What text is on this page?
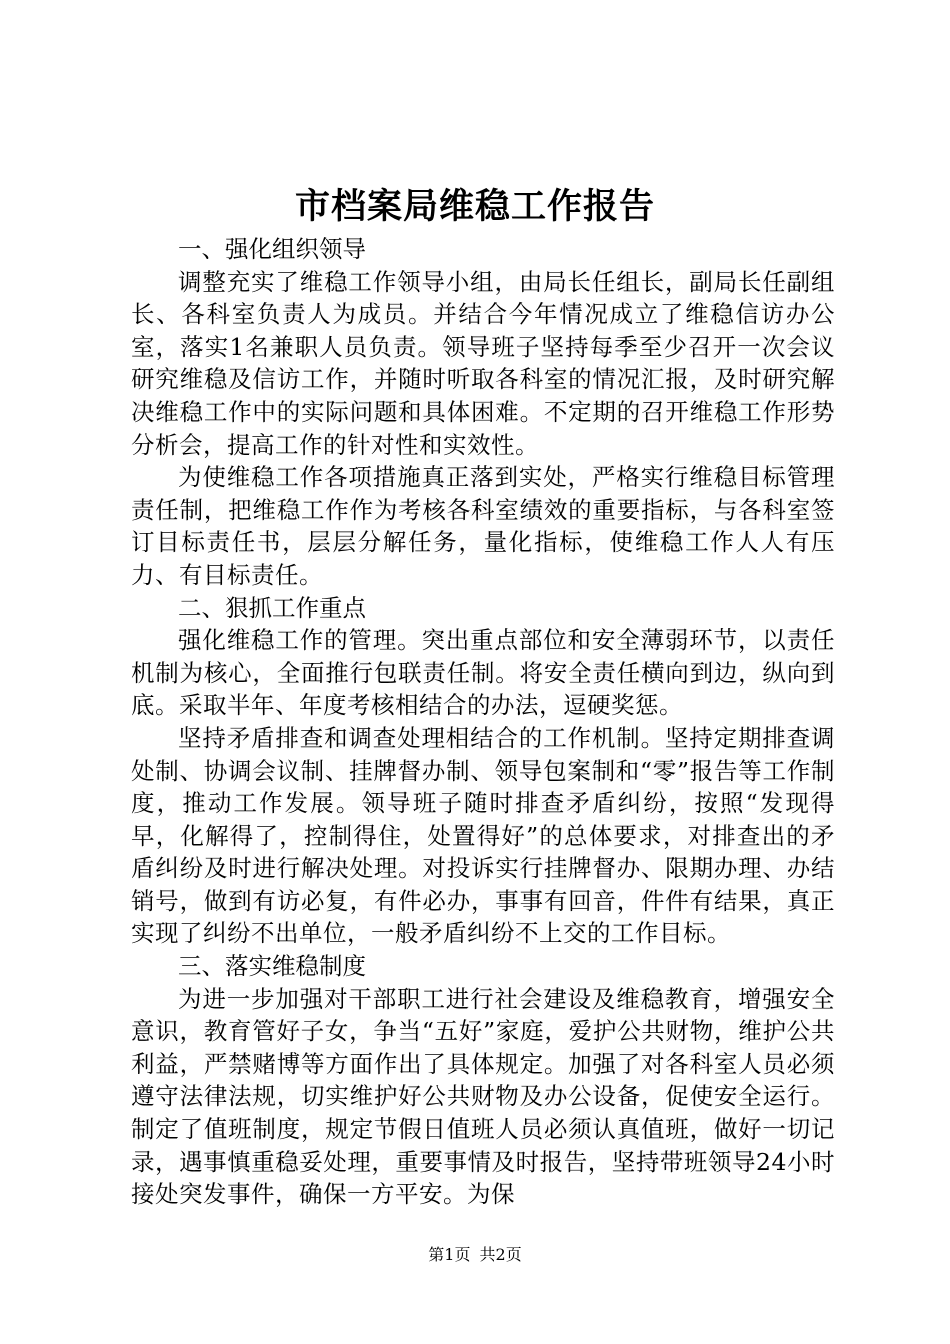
市档案局维稳工作报告

一、强化组织领导

调整充实了维稳工作领导小组，由局长任组长，副局长任副组长、各科室负责人为成员。并结合今年情况成立了维稳信访办公室，落实1名兼职人员负责。领导班子坚持每季至少召开一次会议研究维稳及信访工作，并随时听取各科室的情况汇报，及时研究解决维稳工作中的实际问题和具体困难。不定期的召开维稳工作形势分析会，提高工作的针对性和实效性。

为使维稳工作各项措施真正落到实处，严格实行维稳目标管理责任制，把维稳工作作为考核各科室绩效的重要指标，与各科室签订目标责任书，层层分解任务，量化指标，使维稳工作人人有压力、有目标责任。

二、狠抓工作重点

强化维稳工作的管理。突出重点部位和安全薄弱环节，以责任机制为核心，全面推行包联责任制。将安全责任横向到边，纵向到底。采取半年、年度考核相结合的办法，逗硬奖惩。

坚持矛盾排查和调查处理相结合的工作机制。坚持定期排查调处制、协调会议制、挂牌督办制、领导包案制和“零”报告等工作制度，推动工作发展。领导班子随时排查矛盾纠纷，按照“发现得早，化解得了，控制得住，处置得好”的总体要求，对排查出的矛盾纠纷及时进行解决处理。对投诉实行挂牌督办、限期办理、办结销号，做到有访必复，有件必办，事事有回音，件件有结果，真正实现了纠纷不出单位，一般矛盾纠纷不上交的工作目标。

三、落实维稳制度

为进一步加强对干部职工进行社会建设及维稳教育，增强安全意识，教育管好子女，争当“五好”家庭，爱护公共财物，维护公共利益，严禁赌博等方面作出了具体规定。加强了对各科室人员必须遵守法律法规，切实维护好公共财物及办公设备，促使安全运行。制定了值班制度，规定节假日值班人员必须认真值班，做好一切记录，遇事慎重稳妥处理，重要事情及时报告，坚持带班领导24小时接处突发事件，确保一方平安。为保

第1页 共2页
